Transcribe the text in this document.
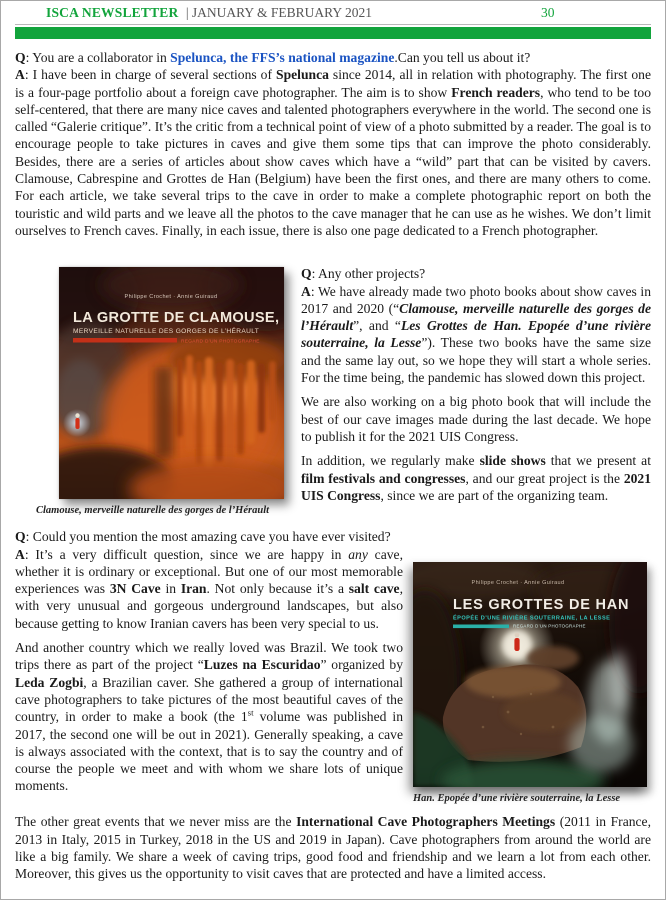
ISCA NEWSLETTER | JANUARY & FEBRUARY 2021	30

Q: You are a collaborator in Spelunca, the FFS’s national magazine.Can you tell us about it?

A: I have been in charge of several sections of Spelunca since 2014, all in relation with photography. The first one is a four-page portfolio about a foreign cave photographer. The aim is to show French readers, who tend to be too self-centered, that there are many nice caves and talented photographers everywhere in the world. The second one is called “Galerie critique”. It’s the critic from a technical point of view of a photo submitted by a reader. The goal is to encourage people to take pictures in caves and give them some tips that can improve the photo considerably. Besides, there are a series of articles about show caves which have a “wild” part that can be visited by cavers. Clamouse, Cabrespine and Grottes de Han (Belgium) have been the first ones, and there are many others to come. For each article, we take several trips to the cave in order to make a complete photographic report on both the touristic and wild parts and we leave all the photos to the cave manager that he can use as he wishes. We don’t limit ourselves to French caves. Finally, in each issue, there is also one page dedicated to a French photographer.

Philippe Crochet · Annie Guiraud
LA GROTTE DE CLAMOUSE,
MERVEILLE NATURELLE DES GORGES DE L’HÉRAULT
REGARD D’UN PHOTOGRAPHE
Clamouse, merveille naturelle des gorges de l’Hérault

Q: Any other projects?

A: We have already made two photo books about show caves in 2017 and 2020 (“Clamouse, merveille naturelle des gorges de l’Hérault”, and “Les Grottes de Han. Epopée d’une rivière souterraine, la Lesse”). These two books have the same size and the same lay out, so we hope they will start a whole series. For the time being, the pandemic has slowed down this project.

We are also working on a big photo book that will include the best of our cave images made during the last decade. We hope to publish it for the 2021 UIS Congress.

In addition, we regularly make slide shows that we present at film festivals and congresses, and our great project is the 2021 UIS Congress, since we are part of the organizing team.

Q: Could you mention the most amazing cave you have ever visited?

A: It’s a very difficult question, since we are happy in any cave, whether it is ordinary or exceptional. But one of our most memorable experiences was 3N Cave in Iran. Not only because it’s a salt cave, with very unusual and gorgeous underground landscapes, but also because getting to know Iranian cavers has been very special to us.

And another country which we really loved was Brazil. We took two trips there as part of the project “Luzes na Escuridao” organized by Leda Zogbi, a Brazilian caver. She gathered a group of international cave photographers to take pictures of the most beautiful caves of the country, in order to make a book (the 1st volume was published in 2017, the second one will be out in 2021). Generally speaking, a cave is always associated with the context, that is to say the country and of course the people we meet and with whom we share lots of unique moments.

Philippe Crochet · Annie Guiraud
LES GROTTES DE HAN
ÉPOPÉE D’UNE RIVIÈRE SOUTERRAINE, LA LESSE
REGARD D’UN PHOTOGRAPHE
Han. Epopée d’une rivière souterraine, la Lesse

The other great events that we never miss are the International Cave Photographers Meetings (2011 in France, 2013 in Italy, 2015 in Turkey, 2018 in the US and 2019 in Japan). Cave photographers from around the world are like a big family. We share a week of caving trips, good food and friendship and we learn a lot from each other. Moreover, this gives us the opportunity to visit caves that are protected and have a limited access.
